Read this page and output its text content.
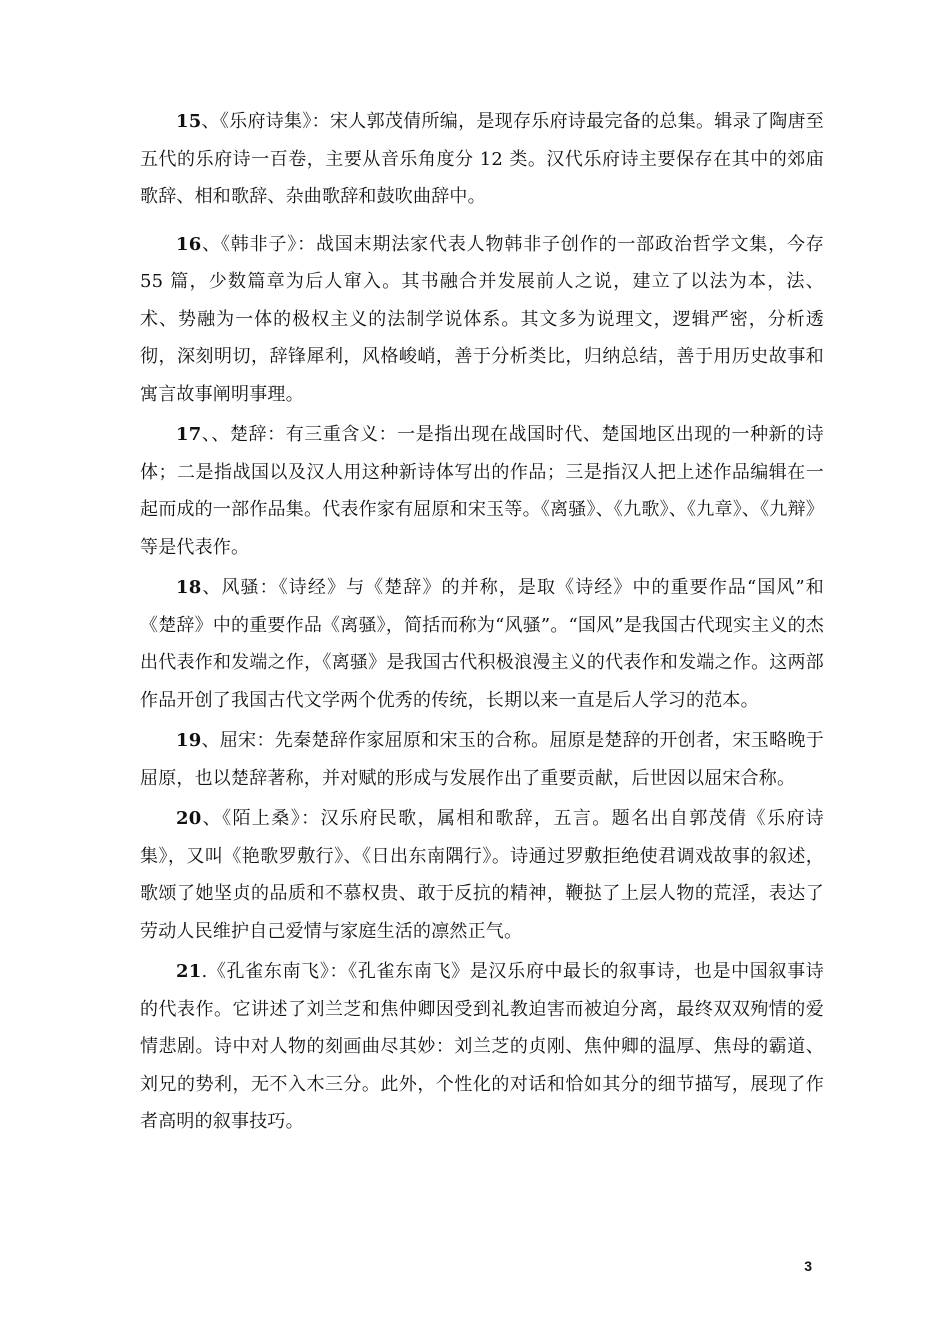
15、《乐府诗集》：宋人郭茂倩所编，是现存乐府诗最完备的总集。辑录了陶唐至五代的乐府诗一百卷，主要从音乐角度分 12 类。汉代乐府诗主要保存在其中的郊庙歌辞、相和歌辞、杂曲歌辞和鼓吹曲辞中。

16、《韩非子》：战国末期法家代表人物韩非子创作的一部政治哲学文集，今存 55 篇，少数篇章为后人窜入。其书融合并发展前人之说，建立了以法为本，法、术、势融为一体的极权主义的法制学说体系。其文多为说理文，逻辑严密，分析透彻，深刻明切，辞锋犀利，风格峻峭，善于分析类比，归纳总结，善于用历史故事和寓言故事阐明事理。

17、、楚辞：有三重含义：一是指出现在战国时代、楚国地区出现的一种新的诗体；二是指战国以及汉人用这种新诗体写出的作品；三是指汉人把上述作品编辑在一起而成的一部作品集。代表作家有屈原和宋玉等。《离骚》、《九歌》、《九章》、《九辩》等是代表作。

18、风骚：《诗经》与《楚辞》的并称，是取《诗经》中的重要作品“国风”和《楚辞》中的重要作品《离骚》，简括而称为“风骚”。“国风”是我国古代现实主义的杰出代表作和发端之作，《离骚》是我国古代积极浪漫主义的代表作和发端之作。这两部作品开创了我国古代文学两个优秀的传统，长期以来一直是后人学习的范本。

19、屈宋：先秦楚辞作家屈原和宋玉的合称。屈原是楚辞的开创者，宋玉略晚于屈原，也以楚辞著称，并对赋的形成与发展作出了重要贡献，后世因以屈宋合称。

20、《陌上桑》：汉乐府民歌，属相和歌辞，五言。题名出自郭茂倩《乐府诗集》，又叫《艳歌罗敷行》、《日出东南隅行》。诗通过罗敷拒绝使君调戏故事的叙述，歌颂了她坚贞的品质和不慕权贵、敢于反抗的精神，鞭挞了上层人物的荒淫，表达了劳动人民维护自己爱情与家庭生活的凛然正气。

21.《孔雀东南飞》：《孔雀东南飞》是汉乐府中最长的叙事诗，也是中国叙事诗的代表作。它讲述了刘兰芝和焦仲卿因受到礼教迫害而被迫分离，最终双双殉情的爱情悲剧。诗中对人物的刻画曲尽其妙：刘兰芝的贞刚、焦仲卿的温厚、焦母的霸道、刘兄的势利，无不入木三分。此外，个性化的对话和恰如其分的细节描写，展现了作者高明的叙事技巧。

3
